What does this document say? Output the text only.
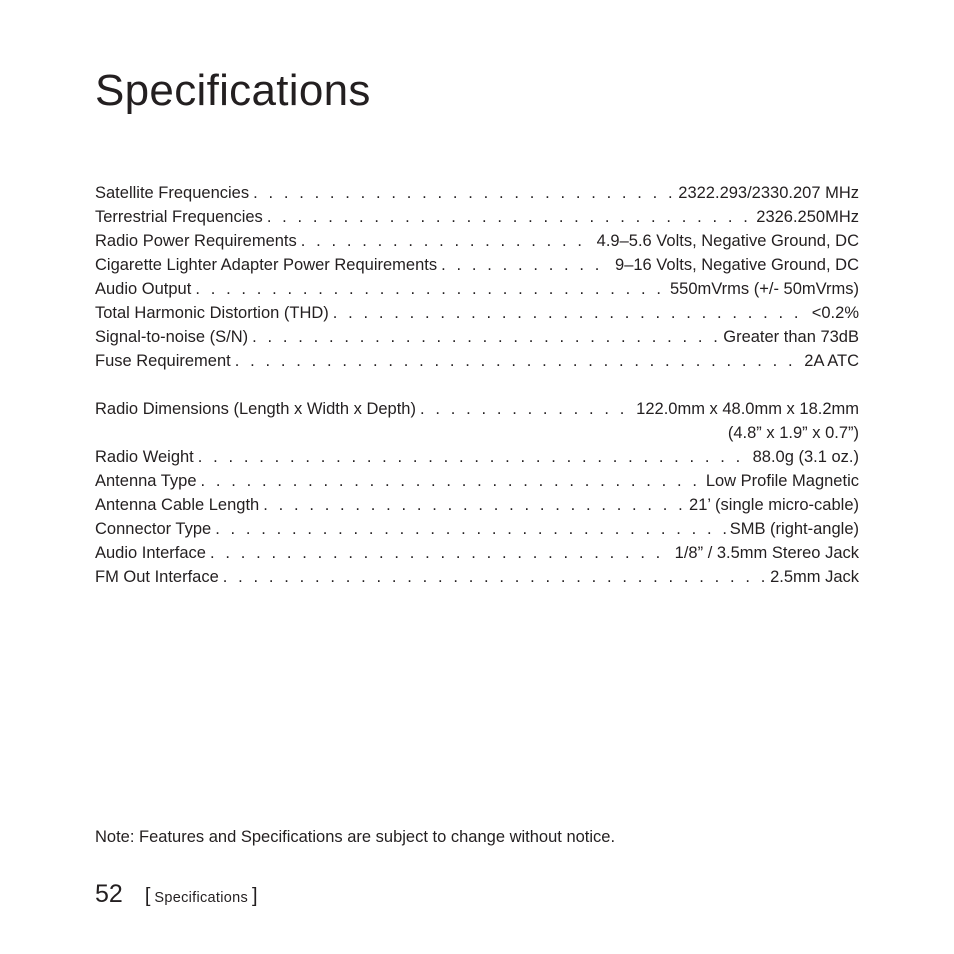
Specifications
Satellite Frequencies . . .	2322.293/2330.207 MHz
Terrestrial Frequencies . . .	2326.250MHz
Radio Power Requirements . . .	4.9–5.6 Volts, Negative Ground, DC
Cigarette Lighter Adapter Power Requirements . . .	9–16 Volts, Negative Ground, DC
Audio Output . . .	550mVrms (+/- 50mVrms)
Total Harmonic Distortion (THD) . . .	<0.2%
Signal-to-noise (S/N) . . .	Greater than 73dB
Fuse Requirement . . .	2A ATC
Radio Dimensions (Length x Width x Depth) . . .	122.0mm x 48.0mm x 18.2mm
(4.8” x 1.9” x 0.7”)
Radio Weight . . .	88.0g (3.1 oz.)
Antenna Type . . .	Low Profile Magnetic
Antenna Cable Length . . .	21’ (single micro-cable)
Connector Type . . .	SMB (right-angle)
Audio Interface . . .	1/8” / 3.5mm Stereo Jack
FM Out Interface . . .	2.5mm Jack
Note: Features and Specifications are subject to change without notice.
52 [ Specifications ]
